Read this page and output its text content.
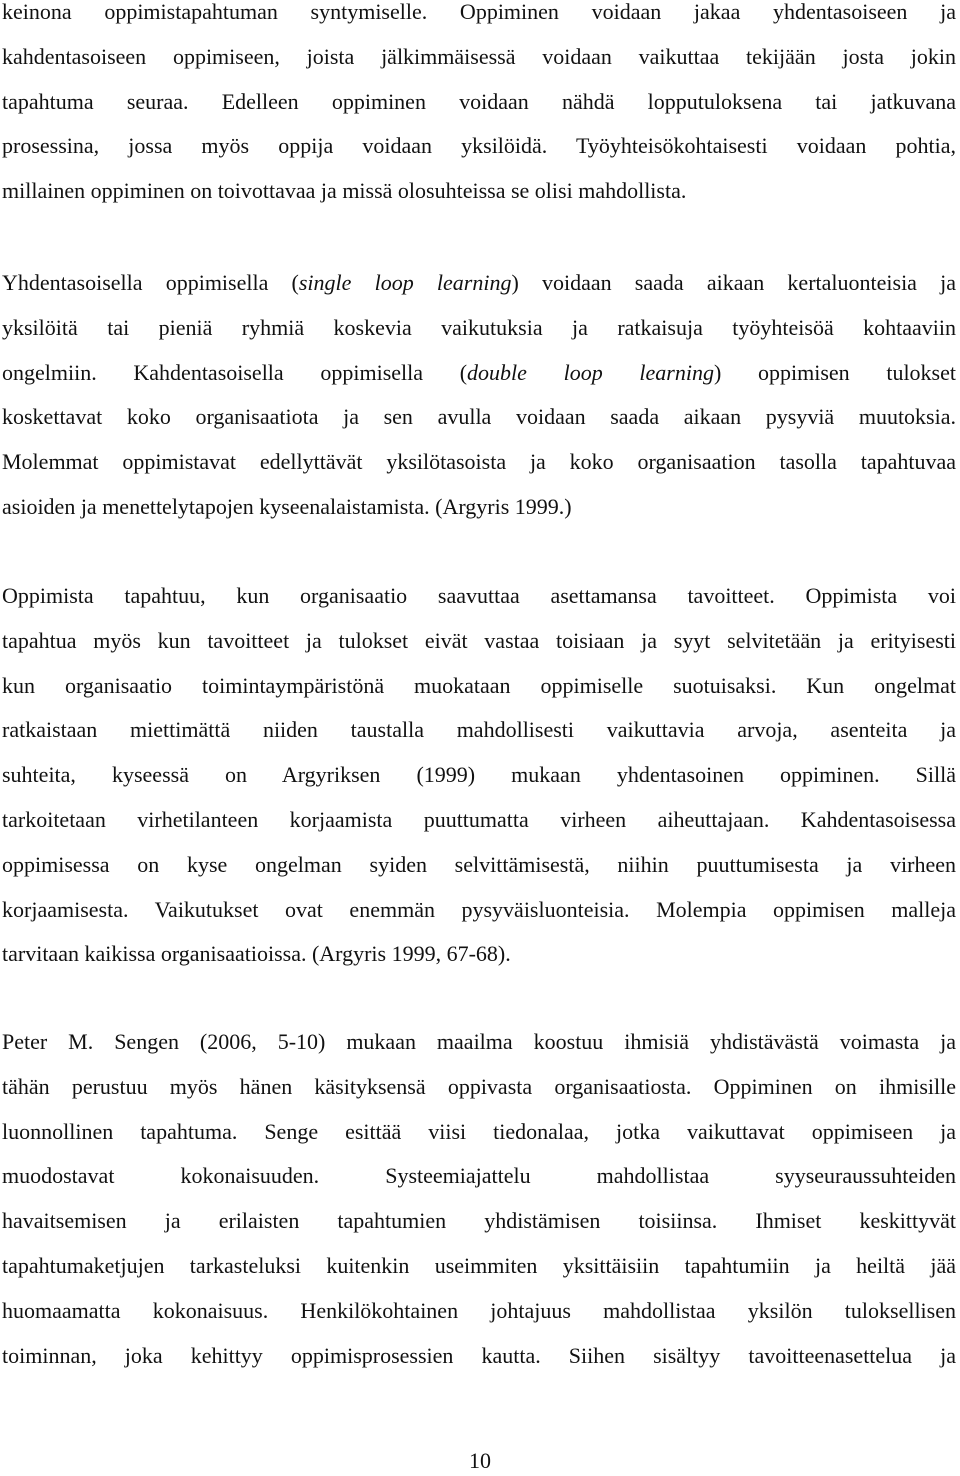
keinona oppimistapahtuman syntymiselle. Oppiminen voidaan jakaa yhdentasoiseen ja
kahdentasoiseen oppimiseen, joista jälkimmäisessä voidaan vaikuttaa tekijään josta jokin
tapahtuma seuraa. Edelleen oppiminen voidaan nähdä lopputuloksena tai jatkuvana
prosessina, jossa myös oppija voidaan yksilöidä. Työyhteisökohtaisesti voidaan pohtia,
millainen oppiminen on toivottavaa ja missä olosuhteissa se olisi mahdollista.

Yhdentasoisella oppimisella (single loop learning) voidaan saada aikaan kertaluonteisia ja
yksilöitä tai pieniä ryhmiä koskevia vaikutuksia ja ratkaisuja työyhteisöä kohtaaviin
ongelmiin. Kahdentasoisella oppimisella (double loop learning) oppimisen tulokset
koskettavat koko organisaatiota ja sen avulla voidaan saada aikaan pysyviä muutoksia.
Molemmat oppimistavat edellyttävät yksilötasoista ja koko organisaation tasolla tapahtuvaa
asioiden ja menettelytapojen kyseenalaistamista. (Argyris 1999.)

Oppimista tapahtuu, kun organisaatio saavuttaa asettamansa tavoitteet. Oppimista voi
tapahtua myös kun tavoitteet ja tulokset eivät vastaa toisiaan ja syyt selvitetään ja erityisesti
kun organisaatio toimintaympäristönä muokataan oppimiselle suotuisaksi. Kun ongelmat
ratkaistaan miettimättä niiden taustalla mahdollisesti vaikuttavia arvoja, asenteita ja
suhteita, kyseessä on Argyriksen (1999) mukaan yhdentasoinen oppiminen. Sillä
tarkoitetaan virhetilanteen korjaamista puuttumatta virheen aiheuttajaan. Kahdentasoisessa
oppimisessa on kyse ongelman syiden selvittämisestä, niihin puuttumisesta ja virheen
korjaamisesta. Vaikutukset ovat enemmän pysyväisluonteisia. Molempia oppimisen malleja
tarvitaan kaikissa organisaatioissa. (Argyris 1999, 67-68).

Peter M. Sengen (2006, 5-10) mukaan maailma koostuu ihmisiä yhdistävästä voimasta ja
tähän perustuu myös hänen käsityksensä oppivasta organisaatiosta. Oppiminen on ihmisille
luonnollinen tapahtuma. Senge esittää viisi tiedonalaa, jotka vaikuttavat oppimiseen ja
muodostavat kokonaisuuden. Systeemiajattelu mahdollistaa syyseuraussuhteiden
havaitsemisen ja erilaisten tapahtumien yhdistämisen toisiinsa. Ihmiset keskittyvät
tapahtumaketjujen tarkasteluksi kuitenkin useimmiten yksittäisiin tapahtumiin ja heiltä jää
huomaamatta kokonaisuus. Henkilökohtainen johtajuus mahdollistaa yksilön tuloksellisen
toiminnan, joka kehittyy oppimisprosessien kautta. Siihen sisältyy tavoitteenasettelua ja

10
